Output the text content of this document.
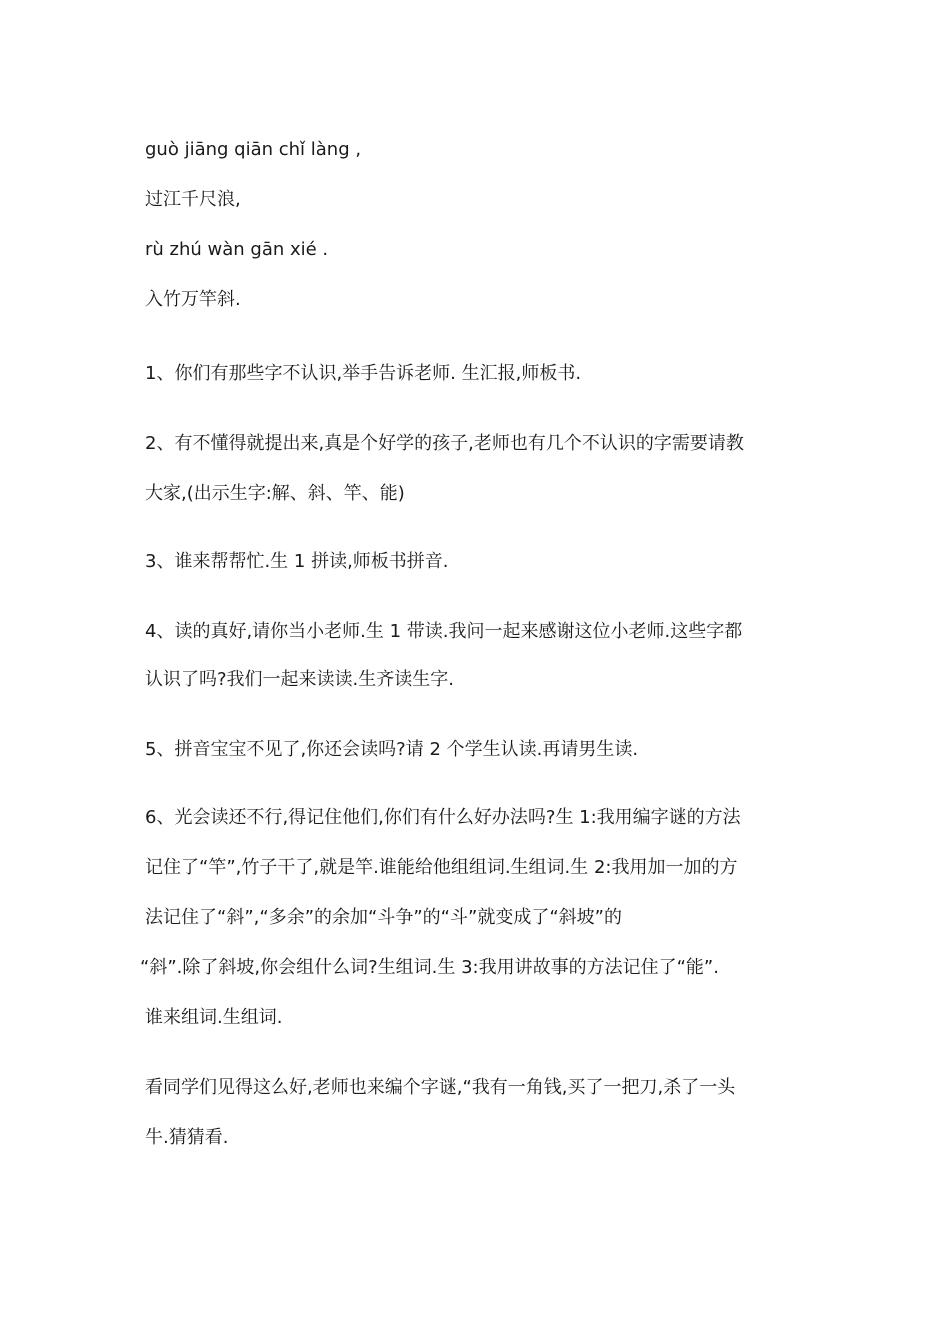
guò jiāng qiān chǐ làng ,

过江千尺浪,

rù zhú wàn gān xié .

入竹万竿斜.

1、你们有那些字不认识,举手告诉老师. 生汇报,师板书.

2、有不懂得就提出来,真是个好学的孩子,老师也有几个不认识的字需要请教

大家,(出示生字:解、斜、竿、能)

3、谁来帮帮忙.生 1 拼读,师板书拼音.

4、读的真好,请你当小老师.生 1 带读.我问一起来感谢这位小老师.这些字都

认识了吗?我们一起来读读.生齐读生字.

5、拼音宝宝不见了,你还会读吗?请 2 个学生认读.再请男生读.

6、光会读还不行,得记住他们,你们有什么好办法吗?生 1:我用编字谜的方法

记住了“竿”,竹子干了,就是竿.谁能给他组组词.生组词.生 2:我用加一加的方

法记住了“斜”,“多余”的余加“斗争”的“斗”就变成了“斜坡”的

“斜”.除了斜坡,你会组什么词?生组词.生 3:我用讲故事的方法记住了“能”.

谁来组词.生组词.

看同学们见得这么好,老师也来编个字谜,“我有一角钱,买了一把刀,杀了一头

牛.猜猜看.
